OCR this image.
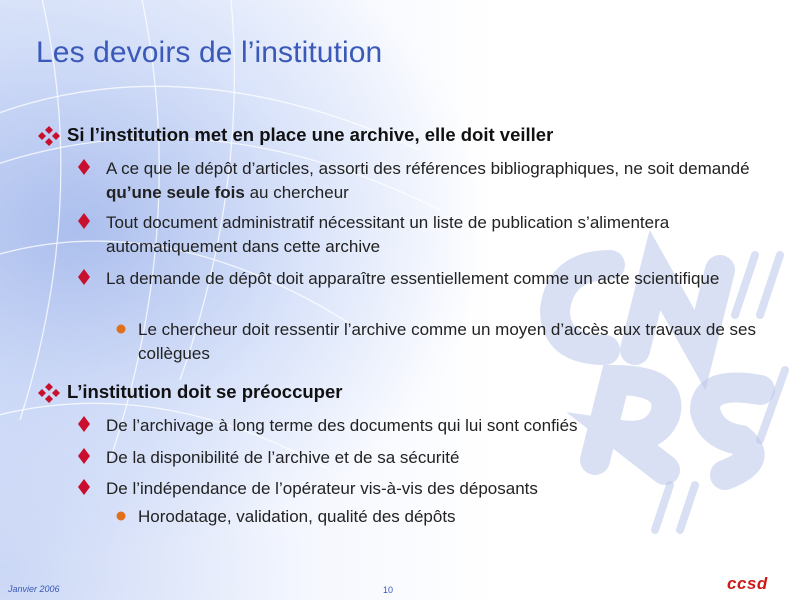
Les devoirs de l’institution
Si l’institution met en place une archive, elle doit veiller
A ce que le dépôt d’articles, assorti des références bibliographiques, ne soit demandé qu’une seule fois au chercheur
Tout document administratif nécessitant un liste de publication s’alimentera automatiquement dans cette archive
La demande de dépôt doit apparaître essentiellement comme un acte scientifique
Le chercheur doit ressentir l’archive comme un moyen d’accès aux travaux de ses collègues
L’institution doit se préoccuper
De l’archivage à long terme des documents qui lui sont confiés
De la disponibilité de l’archive et de sa sécurité
De l’indépendance de l’opérateur vis-à-vis des déposants
Horodatage, validation, qualité des dépôts
Janvier 2006	10	ccsd
